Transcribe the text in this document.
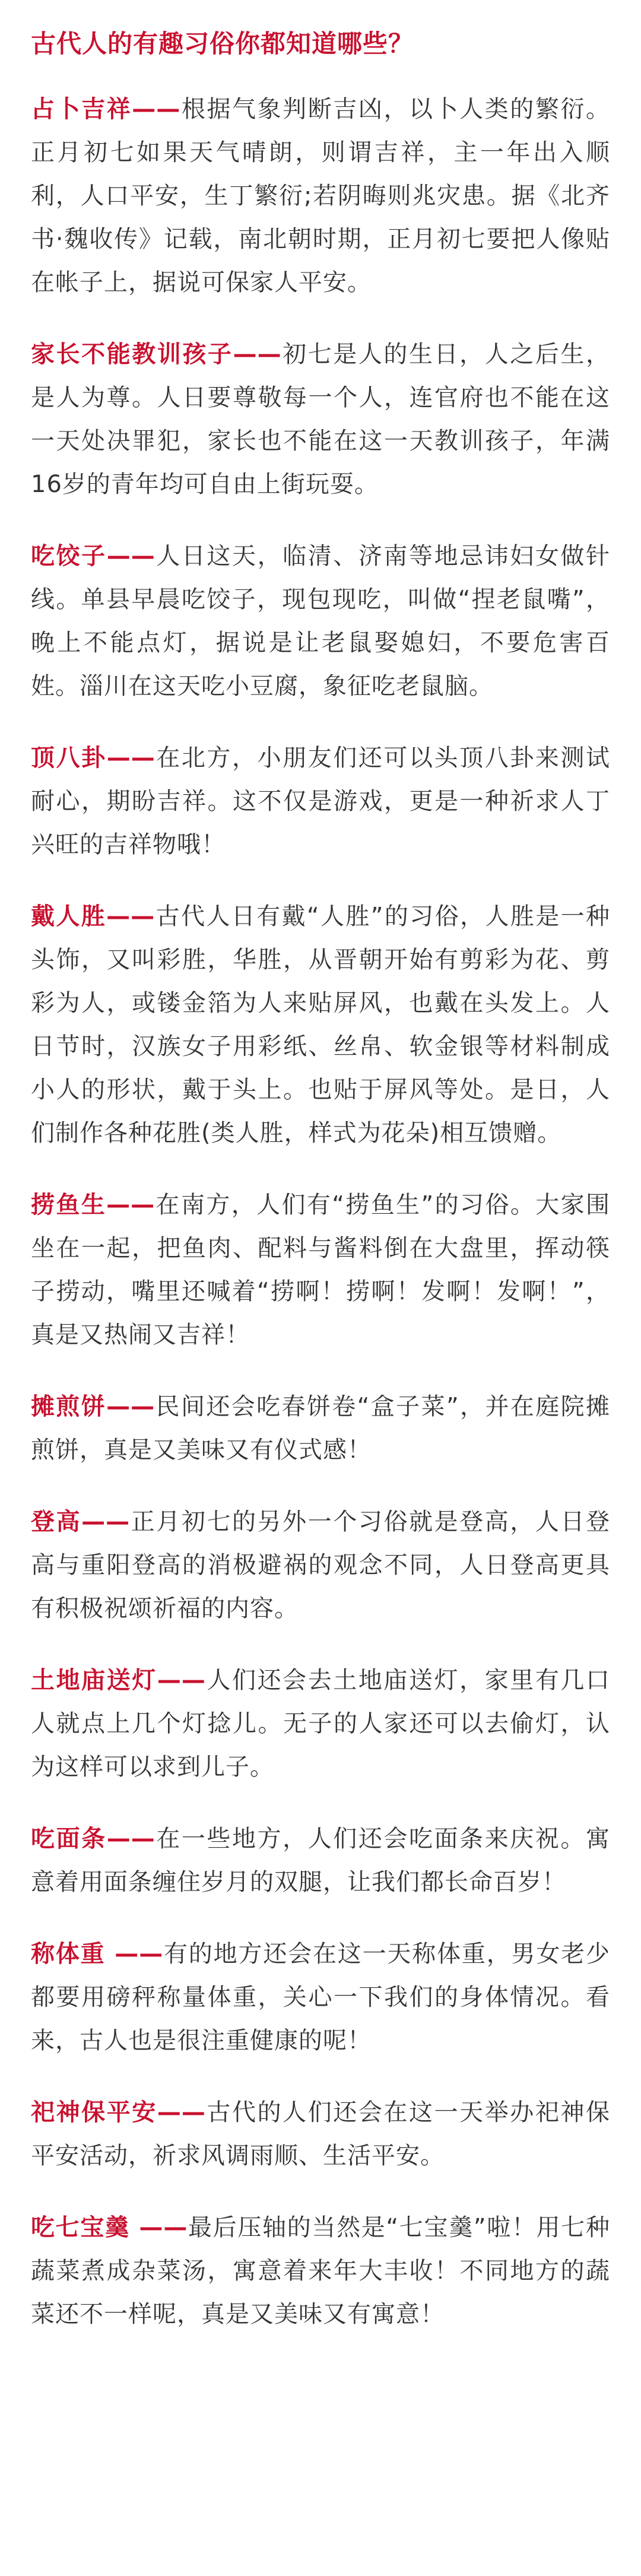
古代人的有趣习俗你都知道哪些？

占卜吉祥——根据气象判断吉凶，以卜人类的繁衍。正月初七如果天气晴朗，则谓吉祥，主一年出入顺利，人口平安，生丁繁衍;若阴晦则兆灾患。据《北齐书·魏收传》记载，南北朝时期，正月初七要把人像贴在帐子上，据说可保家人平安。

家长不能教训孩子——初七是人的生日，人之后生，是人为尊。人日要尊敬每一个人，连官府也不能在这一天处决罪犯，家长也不能在这一天教训孩子，年满16岁的青年均可自由上街玩耍。

吃饺子——人日这天，临清、济南等地忌讳妇女做针线。单县早晨吃饺子，现包现吃，叫做“捏老鼠嘴”，晚上不能点灯，据说是让老鼠娶媳妇，不要危害百姓。淄川在这天吃小豆腐，象征吃老鼠脑。

顶八卦——在北方，小朋友们还可以头顶八卦来测试耐心，期盼吉祥。这不仅是游戏，更是一种祈求人丁兴旺的吉祥物哦！

戴人胜——古代人日有戴“人胜”的习俗，人胜是一种头饰，又叫彩胜，华胜，从晋朝开始有剪彩为花、剪彩为人，或镂金箔为人来贴屏风，也戴在头发上。人日节时，汉族女子用彩纸、丝帛、软金银等材料制成小人的形状，戴于头上。也贴于屏风等处。是日，人们制作各种花胜(类人胜，样式为花朵)相互馈赠。

捞鱼生——在南方，人们有“捞鱼生”的习俗。大家围坐在一起，把鱼肉、配料与酱料倒在大盘里，挥动筷子捞动，嘴里还喊着“捞啊！捞啊！发啊！发啊！”，真是又热闹又吉祥！

摊煎饼——民间还会吃春饼卷“盒子菜”，并在庭院摊煎饼，真是又美味又有仪式感！

登高——正月初七的另外一个习俗就是登高，人日登高与重阳登高的消极避祸的观念不同，人日登高更具有积极祝颂祈福的内容。

土地庙送灯——人们还会去土地庙送灯，家里有几口人就点上几个灯捻儿。无子的人家还可以去偷灯，认为这样可以求到儿子。

吃面条——在一些地方，人们还会吃面条来庆祝。寓意着用面条缠住岁月的双腿，让我们都长命百岁！

称体重 ——有的地方还会在这一天称体重，男女老少都要用磅秤称量体重，关心一下我们的身体情况。看来，古人也是很注重健康的呢！

祀神保平安——古代的人们还会在这一天举办祀神保平安活动，祈求风调雨顺、生活平安。

吃七宝羹 ——最后压轴的当然是“七宝羹”啦！用七种蔬菜煮成杂菜汤，寓意着来年大丰收！不同地方的蔬菜还不一样呢，真是又美味又有寓意！
